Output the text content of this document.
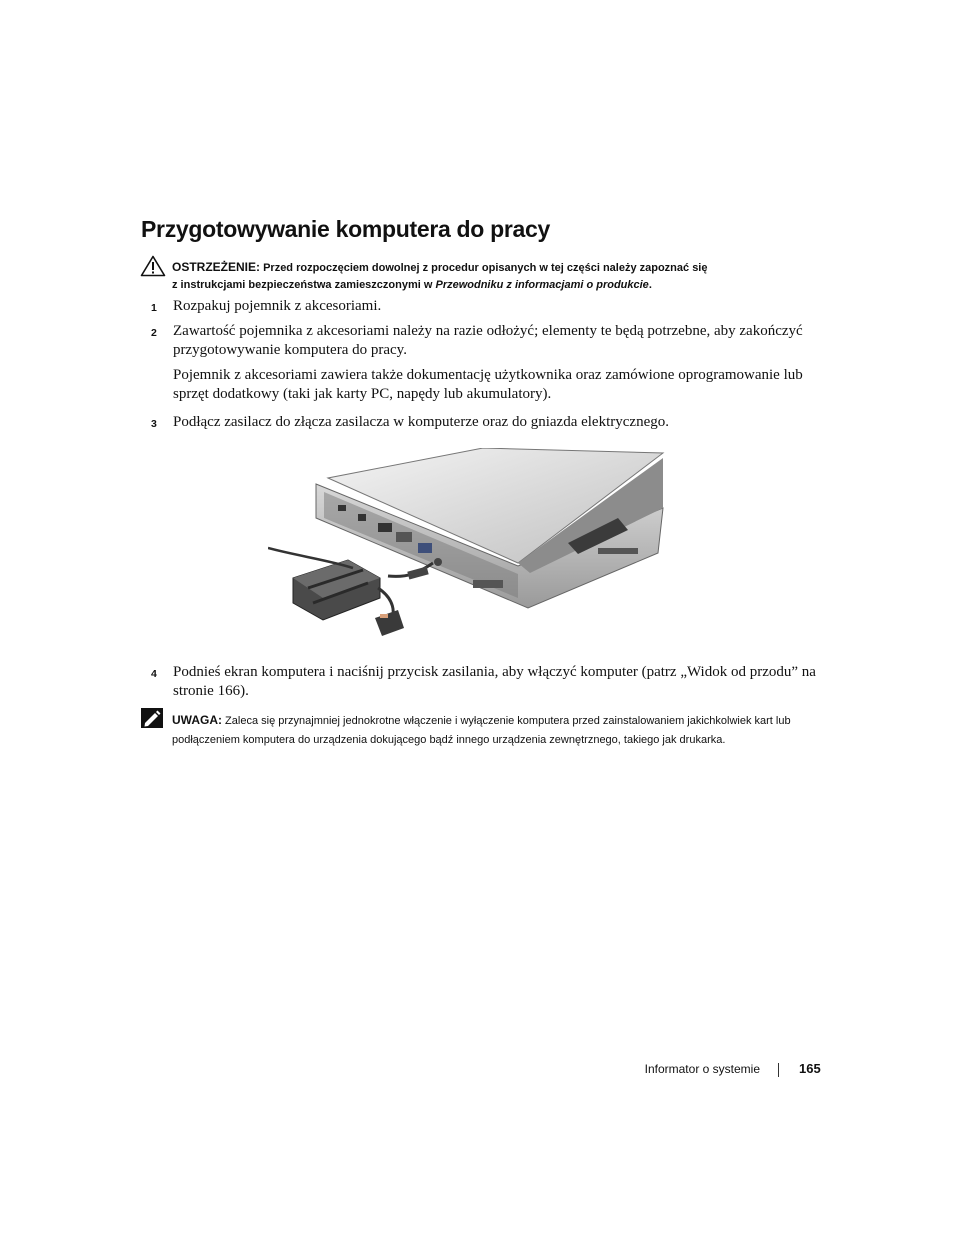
Przygotowywanie komputera do pracy
OSTRZEŻENIE: Przed rozpoczęciem dowolnej z procedur opisanych w tej części należy zapoznać się
z instrukcjami bezpieczeństwa zamieszczonymi w Przewodniku z informacjami o produkcie.
1 Rozpakuj pojemnik z akcesoriami.
2 Zawartość pojemnika z akcesoriami należy na razie odłożyć; elementy te będą potrzebne, aby zakończyć przygotowywanie komputera do pracy.
Pojemnik z akcesoriami zawiera także dokumentację użytkownika oraz zamówione oprogramowanie lub sprzęt dodatkowy (taki jak karty PC, napędy lub akumulatory).
3 Podłącz zasilacz do złącza zasilacza w komputerze oraz do gniazda elektrycznego.
4 Podnieś ekran komputera i naciśnij przycisk zasilania, aby włączyć komputer (patrz „Widok od przodu” na stronie 166).
UWAGA: Zaleca się przynajmniej jednokrotne włączenie i wyłączenie komputera przed zainstalowaniem jakichkolwiek kart lub podłączeniem komputera do urządzenia dokującego bądź innego urządzenia zewnętrznego, takiego jak drukarka.
Informator o systemie	165
